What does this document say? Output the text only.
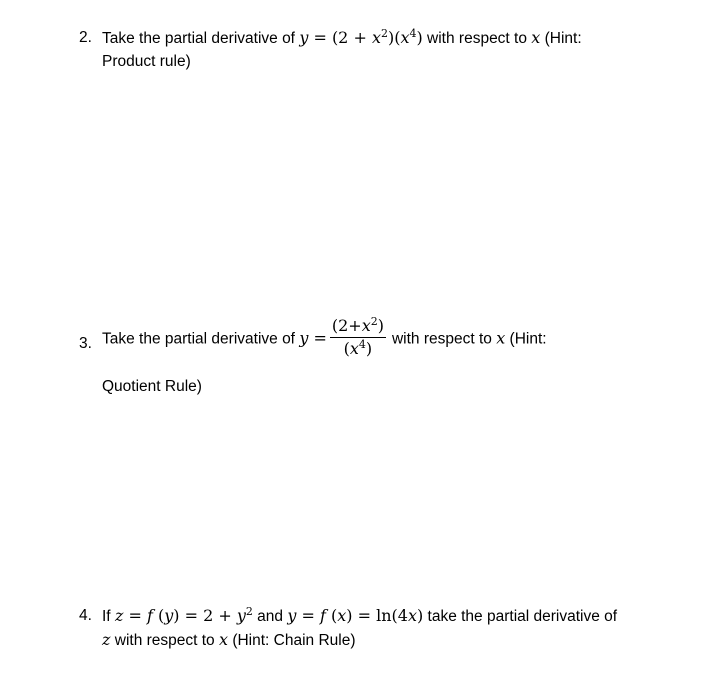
2. Take the partial derivative of $y = (2 + x^2)(x^4)$ with respect to x (Hint:
Product rule)
3. Take the partial derivative of $y = \frac{(2+x^2)}{(x^4)}$ with respect to x (Hint:
Quotient Rule)
4. If z = f $(y) = 2 + y^2$ and y = f (x) = ln(4x) take the partial derivative of
z with respect to x (Hint: Chain Rule)
